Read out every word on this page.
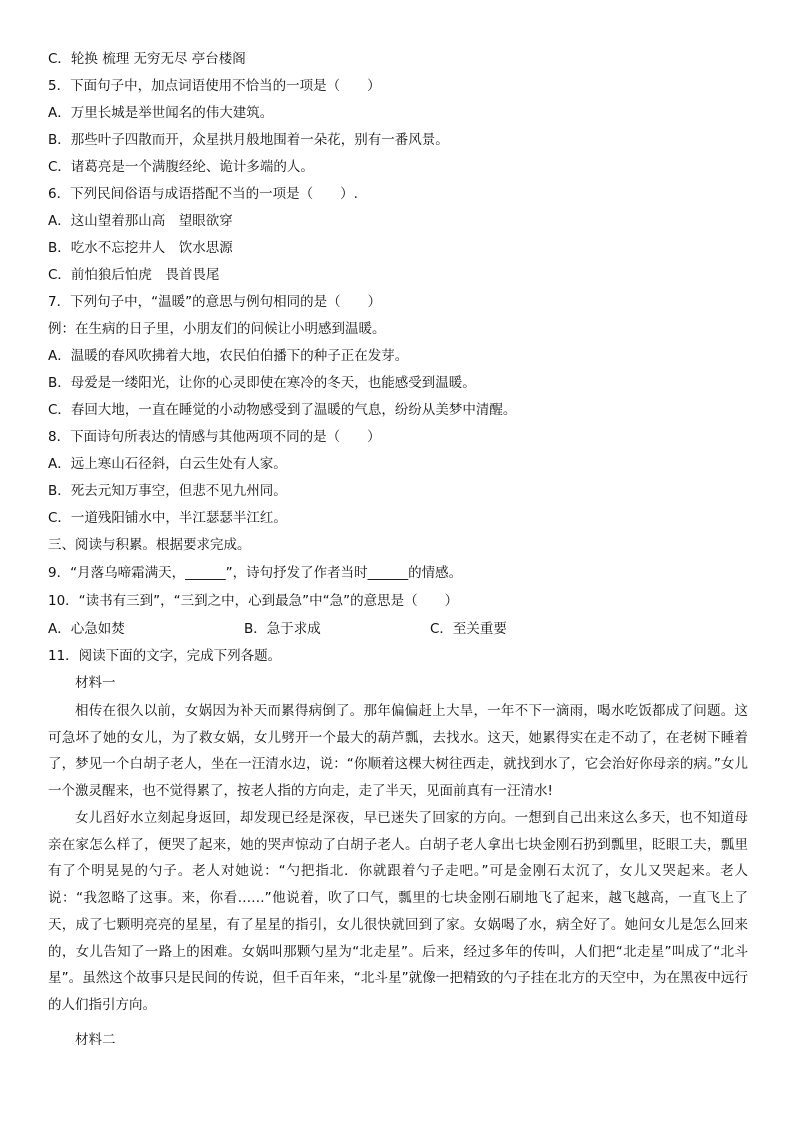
C．轮换 梳理 无穷无尽 亭台楼阁
5．下面句子中，加点词语使用不恰当的一项是（　　）
A．万里长城是举世闻名的伟大建筑。
B．那些叶子四散而开，众星拱月般地围着一朵花，别有一番风景。
C．诸葛亮是一个满腹经纶、诡计多端的人。
6．下列民间俗语与成语搭配不当的一项是（　　）.
A．这山望着那山高　望眼欲穿
B．吃水不忘挖井人　饮水思源
C．前怕狼后怕虎　畏首畏尾
7．下列句子中，“温暖”的意思与例句相同的是（　　）
例：在生病的日子里，小朋友们的问候让小明感到温暖。
A．温暖的春风吹拂着大地，农民伯伯播下的种子正在发芽。
B．母爱是一缕阳光，让你的心灵即使在寒冷的冬天，也能感受到温暖。
C．春回大地，一直在睡觉的小动物感受到了温暖的气息，纷纷从美梦中清醒。
8．下面诗句所表达的情感与其他两项不同的是（　　）
A．远上寒山石径斜，白云生处有人家。
B．死去元知万事空，但悲不见九州同。
C．一道残阳铺水中，半江瑟瑟半江红。
三、阅读与积累。根据要求完成。
9．“月落乌啼霜满天，______”，诗句抒发了作者当时______的情感。
10．“读书有三到”，“三到之中，心到最急”中“急”的意思是（　　）
A．心急如焚	B．急于求成	C．至关重要
11．阅读下面的文字，完成下列各题。
材料一
相传在很久以前，女娲因为补天而累得病倒了。那年偏偏赶上大旱，一年不下一滴雨，喝水吃饭都成了问题。这可急坏了她的女儿，为了救女娲，女儿劈开一个最大的葫芦瓢，去找水。这天，她累得实在走不动了，在老树下睡着了，梦见一个白胡子老人，坐在一汪清水边，说：“你顺着这棵大树往西走，就找到水了，它会治好你母亲的病。”女儿一个激灵醒来，也不觉得累了，按老人指的方向走，走了半天，见面前真有一汪清水!
女儿舀好水立刻起身返回，却发现已经是深夜，早已迷失了回家的方向。一想到自己出来这么多天，也不知道母亲在家怎么样了，便哭了起来，她的哭声惊动了白胡子老人。白胡子老人拿出七块金刚石扔到瓢里，眨眼工夫，瓢里有了个明晃晃的勺子。老人对她说：“勺把指北．你就跟着勺子走吧。”可是金刚石太沉了，女儿又哭起来。老人说：“我忽略了这事。来，你看……”他说着，吹了口气，瓢里的七块金刚石刷地飞了起来，越飞越高，一直飞上了天，成了七颗明亮亮的星星，有了星星的指引，女儿很快就回到了家。女娲喝了水，病全好了。她问女儿是怎么回来的，女儿告知了一路上的困难。女娲叫那颗勺星为“北走星”。后来，经过多年的传叫，人们把“北走星”叫成了“北斗星”。虽然这个故事只是民间的传说，但千百年来，“北斗星”就像一把精致的勺子挂在北方的天空中，为在黑夜中远行的人们指引方向。
材料二
